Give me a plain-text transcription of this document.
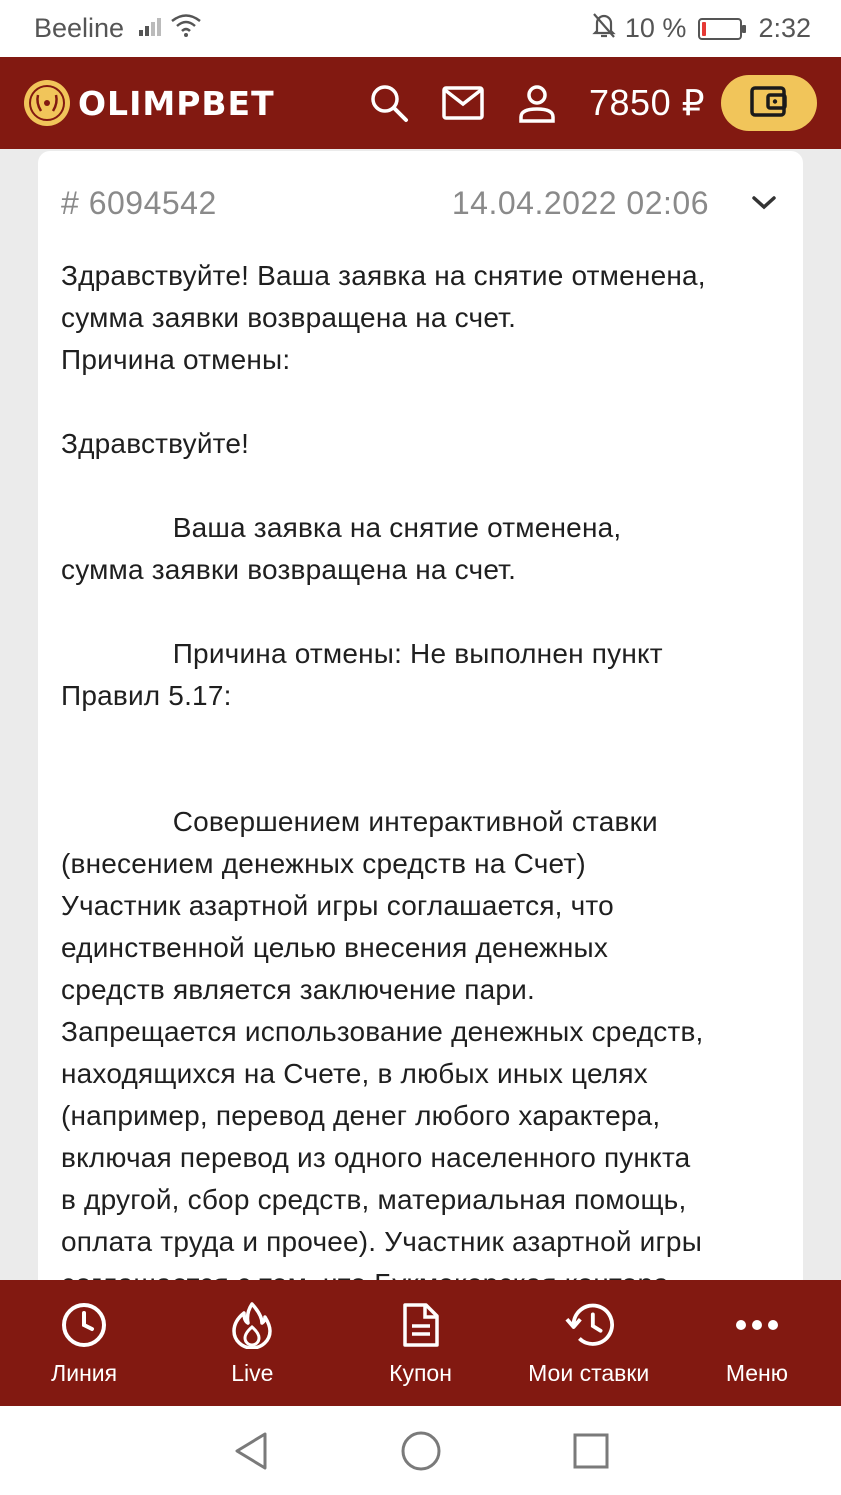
Beeline	10 %	2:32
OLIMPBET	7850 ₽
# 6094542	14.04.2022 02:06
Здравствуйте! Ваша заявка на снятие отменена,
сумма заявки возвращена на счет.
Причина отмены:

Здравствуйте!

Ваша заявка на снятие отменена,
сумма заявки возвращена на счет.

Причина отмены: Не выполнен пункт
Правил 5.17:

Совершением интерактивной ставки
(внесением денежных средств на Счет)
Участник азартной игры соглашается, что
единственной целью внесения денежных
средств является заключение пари.
Запрещается использование денежных средств,
находящихся на Счете, в любых иных целях
(например, перевод денег любого характера,
включая перевод из одного населенного пункта
в другой, сбор средств, материальная помощь,
оплата труда и прочее). Участник азартной игры

Линия	Live	Купон	Мои ставки	Меню
